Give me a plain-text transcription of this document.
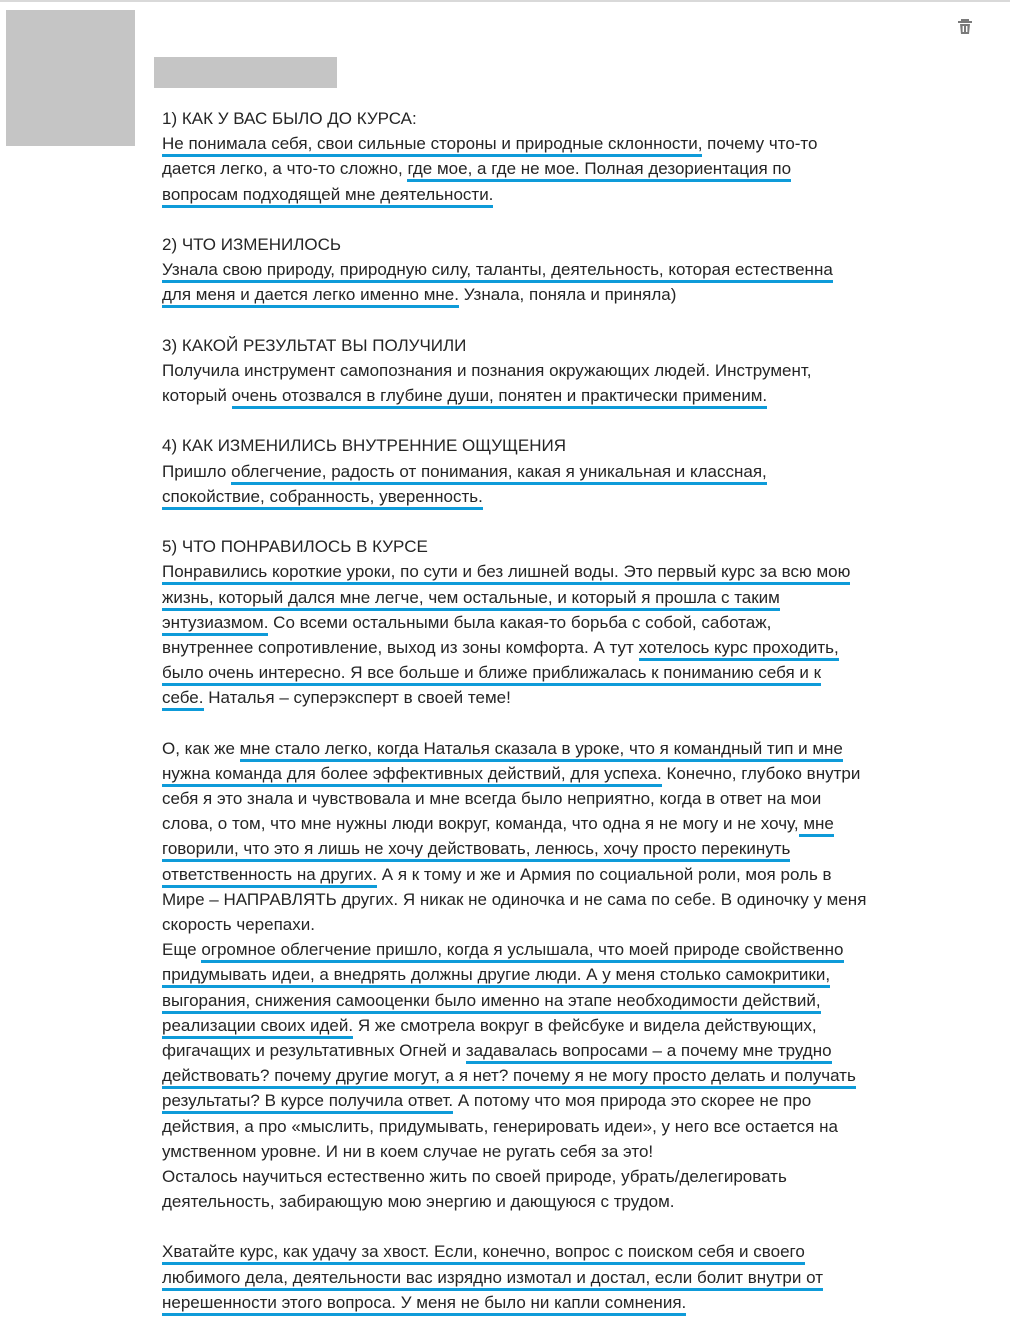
1) КАК У ВАС БЫЛО ДО КУРСА:
Не понимала себя, свои сильные стороны и природные склонности, почему что-то
дается легко, а что-то сложно, где мое, а где не мое. Полная дезориентация по
вопросам подходящей мне деятельности.
2) ЧТО ИЗМЕНИЛОСЬ
Узнала свою природу, природную силу, таланты, деятельность, которая естественна
для меня и дается легко именно мне. Узнала, поняла и приняла)
3) КАКОЙ РЕЗУЛЬТАТ ВЫ ПОЛУЧИЛИ
Получила инструмент самопознания и познания окружающих людей. Инструмент,
который очень отозвался в глубине души, понятен и практически применим.
4) КАК ИЗМЕНИЛИСЬ ВНУТРЕННИЕ ОЩУЩЕНИЯ
Пришло облегчение, радость от понимания, какая я уникальная и классная,
спокойствие, собранность, уверенность.
5) ЧТО ПОНРАВИЛОСЬ В КУРСЕ
Понравились короткие уроки, по сути и без лишней воды. Это первый курс за всю мою
жизнь, который дался мне легче, чем остальные, и который я прошла с таким
энтузиазмом. Со всеми остальными была какая-то борьба с собой, саботаж,
внутреннее сопротивление, выход из зоны комфорта. А тут хотелось курс проходить,
было очень интересно. Я все больше и ближе приближалась к пониманию себя и к
себе. Наталья – суперэксперт в своей теме!
О, как же мне стало легко, когда Наталья сказала в уроке, что я командный тип и мне
нужна команда для более эффективных действий, для успеха. Конечно, глубоко внутри
себя я это знала и чувствовала и мне всегда было неприятно, когда в ответ на мои
слова, о том, что мне нужны люди вокруг, команда, что одна я не могу и не хочу, мне
говорили, что это я лишь не хочу действовать, ленюсь, хочу просто перекинуть
ответственность на других. А я к тому и же и Армия по социальной роли, моя роль в
Мире – НАПРАВЛЯТЬ других. Я никак не одиночка и не сама по себе. В одиночку у меня
скорость черепахи.
Еще огромное облегчение пришло, когда я услышала, что моей природе свойственно
придумывать идеи, а внедрять должны другие люди. А у меня столько самокритики,
выгорания, снижения самооценки было именно на этапе необходимости действий,
реализации своих идей. Я же смотрела вокруг в фейсбуке и видела действующих,
фигачащих и результативных Огней и задавалась вопросами – а почему мне трудно
действовать? почему другие могут, а я нет? почему я не могу просто делать и получать
результаты? В курсе получила ответ. А потому что моя природа это скорее не про
действия, а про «мыслить, придумывать, генерировать идеи», у него все остается на
умственном уровне. И ни в коем случае не ругать себя за это!
Осталось научиться естественно жить по своей природе, убрать/делегировать
деятельность, забирающую мою энергию и дающуюся с трудом.
Хватайте курс, как удачу за хвост. Если, конечно, вопрос с поиском себя и своего
любимого дела, деятельности вас изрядно измотал и достал, если болит внутри от
нерешенности этого вопроса. У меня не было ни капли сомнения.
